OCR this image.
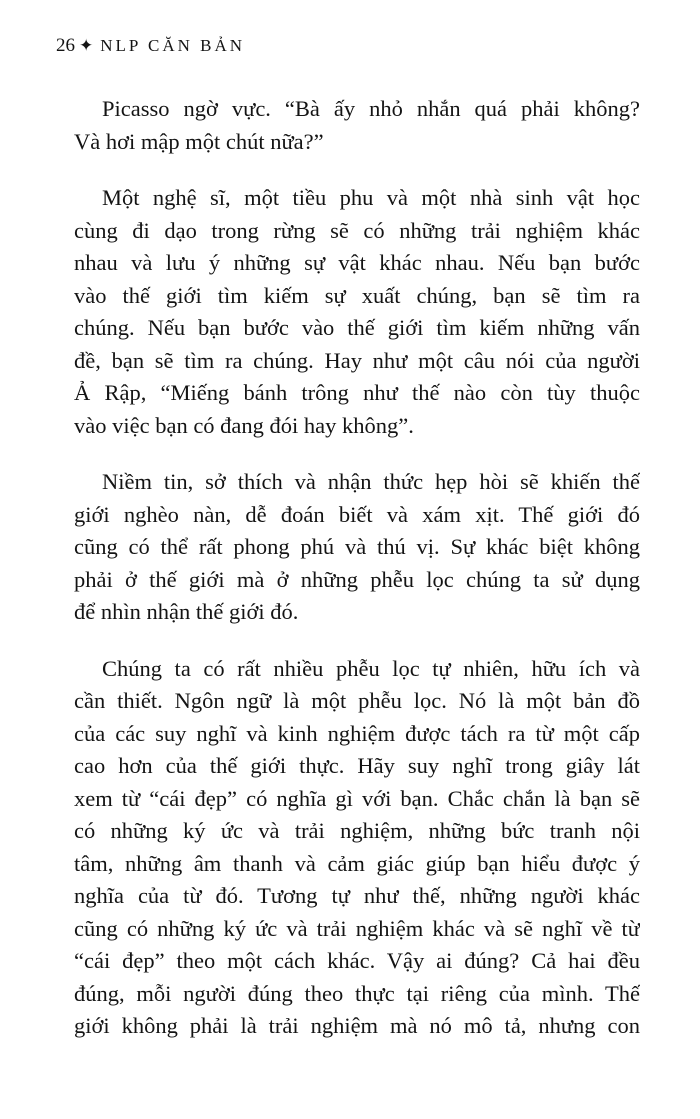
26 ✦ NLP CĂN BẢN
Picasso ngờ vực. “Bà ấy nhỏ nhắn quá phải không?
Và hơi mập một chút nữa?”
Một nghệ sĩ, một tiều phu và một nhà sinh vật học
cùng đi dạo trong rừng sẽ có những trải nghiệm khác
nhau và lưu ý những sự vật khác nhau. Nếu bạn bước
vào thế giới tìm kiếm sự xuất chúng, bạn sẽ tìm ra
chúng. Nếu bạn bước vào thế giới tìm kiếm những vấn
đề, bạn sẽ tìm ra chúng. Hay như một câu nói của người
Ả Rập, “Miếng bánh trông như thế nào còn tùy thuộc
vào việc bạn có đang đói hay không”.
Niềm tin, sở thích và nhận thức hẹp hòi sẽ khiến thế
giới nghèo nàn, dễ đoán biết và xám xịt. Thế giới đó
cũng có thể rất phong phú và thú vị. Sự khác biệt không
phải ở thế giới mà ở những phễu lọc chúng ta sử dụng
để nhìn nhận thế giới đó.
Chúng ta có rất nhiều phễu lọc tự nhiên, hữu ích và
cần thiết. Ngôn ngữ là một phễu lọc. Nó là một bản đồ
của các suy nghĩ và kinh nghiệm được tách ra từ một cấp
cao hơn của thế giới thực. Hãy suy nghĩ trong giây lát
xem từ “cái đẹp” có nghĩa gì với bạn. Chắc chắn là bạn sẽ
có những ký ức và trải nghiệm, những bức tranh nội
tâm, những âm thanh và cảm giác giúp bạn hiểu được ý
nghĩa của từ đó. Tương tự như thế, những người khác
cũng có những ký ức và trải nghiệm khác và sẽ nghĩ về từ
“cái đẹp” theo một cách khác. Vậy ai đúng? Cả hai đều
đúng, mỗi người đúng theo thực tại riêng của mình. Thế
giới không phải là trải nghiệm mà nó mô tả, nhưng con
